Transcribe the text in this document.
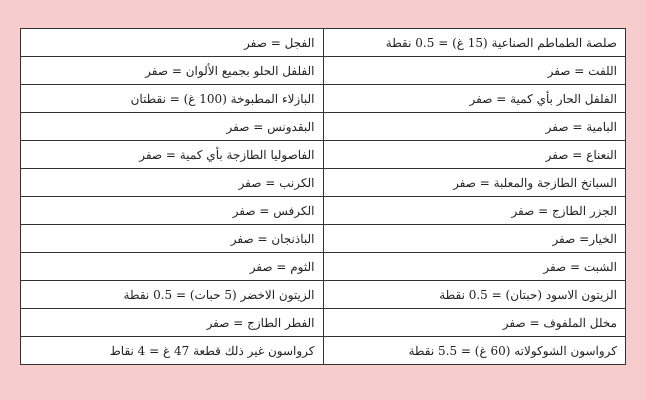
صلصة الطماطم الصناعية (15 غ) = 0.5 نقطة	الفجل = صفر
اللفت = صفر	الفلفل الحلو بجميع الألوان = صفر
الفلفل الحار بأي كمية = صفر	البازلاء المطبوخة (100 غ) = نقطتان
البامية = صفر	البقدونس = صفر
النعناع = صفر	الفاصوليا الطازجة بأي كمية = صفر
السبانخ الطازجة والمعلبة = صفر	الكرنب = صفر
الجزر الطازج = صفر	الكرفس = صفر
الخيار= صفر	الباذنجان = صفر
الشبت = صفر	الثوم = صفر
الزيتون الاسود (حبتان) = 0.5 نقطة	الزيتون الاخضر (5 حبات) = 0.5 نقطة
مخلل الملفوف = صفر	الفطر الطازج = صفر
كرواسون الشوكولاته (60 غ) = 5.5 نقطة	كرواسون غير ذلك قطعة 47 غ = 4 نقاط
